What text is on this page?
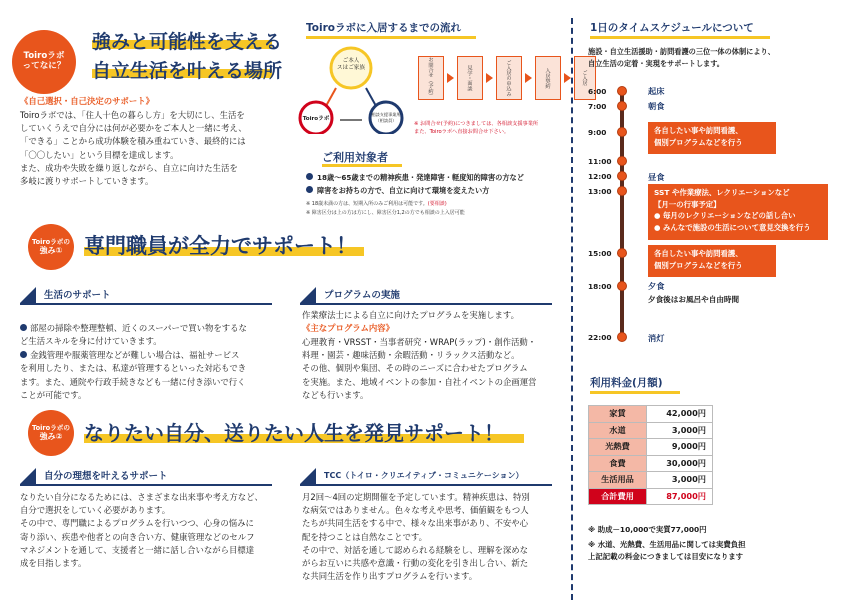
Toiroラボ
ってなに？
強みと可能性を支える
自立生活を叶える場所
《自己選択・自己決定のサポート》
Toiroラボでは、「住人十色の暮らし方」を大切にし、生活を
していくうえで自分には何が必要かをご本人と一緒に考え、
「できる」ことから成功体験を積み重ねていき、最終的には
「〇〇したい」という目標を達成します。
また、成功や失敗を繰り返しながら、自立に向けた生活を
多岐に渡りサポートしていきます。
Toiroラボに入居するまでの流れ
ご本人
スはご家族
Toiroラボ
相談支援事業所
（相談員）
お問合せ（予約）	見学・面談	ご入居の申込み	入居契約	ご入居
※ お問合せ(予約)につきましては、各相談支援事業所
また、Toiroラボへ直接お問合せ下さい。
ご利用対象者
18歳～65歳までの精神疾患・発達障害・軽度知的障害の方など
障害をお持ちの方で、自立に向けて環境を変えたい方
※ 18歳未満の方は、短期入所のみご利用は可能です。(要相談)
※ 障害区分は上の方は方にし、障害区分1,2の方でも相談の上入居可能
Toiroラボの
強み① 専門職員が全力でサポート！
生活のサポート

部屋の掃除や整理整頓、近くのスーパーで買い物をするな
ど生活スキルを身に付けていきます。

金銭管理や服薬管理などが難しい場合は、福祉サービス
を利用したり、または、私達が管理するといった対応もでき
ます。また、通院や行政手続きなども一緒に付き添いで行く
ことが可能です。

プログラムの実施
作業療法士による自立に向けたプログラムを実施します。
《主なプログラム内容》
心理教育・VRSST・当事者研究・WRAP(ラップ)・創作活動・
料理・園芸・趣味活動・余暇活動・リラックス活動など。
その他、個別や集団、その時のニーズに合わせたプログラム
を実施。また、地域イベントの参加・自社イベントの企画運営
なども行います。
Toiroラボの
強み② なりたい自分、送りたい人生を発見サポート！
自分の理想を叶えるサポート
なりたい自分になるためには、さまざまな出来事や考え方など、
自分で選択をしていく必要があります。
その中で、専門職によるプログラムを行いつつ、心身の悩みに
寄り添い、疾患や他者との向き合い方、健康管理などのセルフ
マネジメントを通して、支援者と一緒に話し合いながら目標達
成を目指します。
TCC（トイロ・クリエイティブ・コミュニケーション）
月2回～4回の定期開催を予定しています。精神疾患は、特別
な病気ではありません。色々な考えや思考、価値観をもつ人
たちが共同生活をする中で、様々な出来事があり、不安や心
配を持つことは自然なことです。
その中で、対話を通して認められる経験をし、理解を深めな
がらお互いに共感や意識・行動の変化を引き出し合い、新た
な共同生活を作り出すプログラムを行います。
1日のタイムスケジュールについて
施設・自立生活援助・訪問看護の三位一体の体制により、
自立生活の定着・実現をサポートします。
6:00	起床
7:00	朝食
9:00	各自したい事や訪問看護、
個別プログラムなどを行う
11:00
12:00	昼食
13:00	SST や作業療法、レクリエーションなど
【月一の行事予定】
● 毎月のレクリエーションなどの話し合い
● みんなで施設の生活について意見交換を行う
15:00	各自したい事や訪問看護、
個別プログラムなどを行う
18:00	夕食
夕食後はお風呂や自由時間
22:00	消灯
利用料金(月額)
家賃	42,000円
水道	3,000円
光熱費	9,000円
食費	30,000円
生活用品	3,000円
合計費用	87,000円
※ 助成－10,000で実質77,000円
※ 水道、光熱費、生活用品に関しては実費負担
上記記載の料金につきましては目安になります
